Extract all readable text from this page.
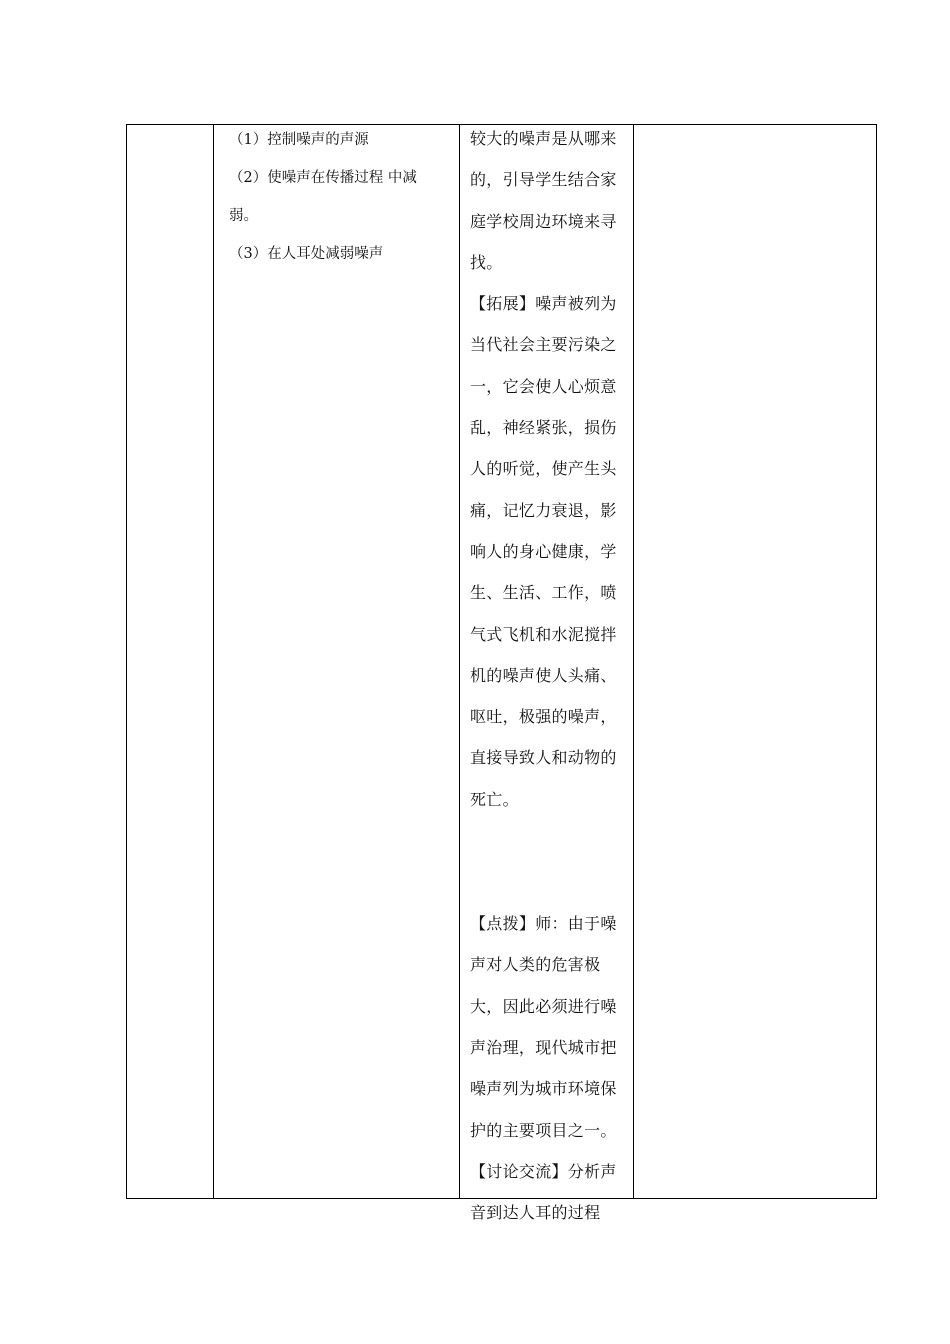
（1）控制噪声的声源
（2）使噪声在传播过程 中减
弱。
（3）在人耳处减弱噪声
较大的噪声是从哪来
的，引导学生结合家
庭学校周边环境来寻
找。
【拓展】噪声被列为
当代社会主要污染之
一，它会使人心烦意
乱，神经紧张，损伤
人的听觉，使产生头
痛，记忆力衰退，影
响人的身心健康，学
生、生活、工作，喷
气式飞机和水泥搅拌
机的噪声使人头痛、
呕吐，极强的噪声，
直接导致人和动物的
死亡。
【点拨】师：由于噪
声对人类的危害极
大，因此必须进行噪
声治理，现代城市把
噪声列为城市环境保
护的主要项目之一。
【讨论交流】分析声
音到达人耳的过程
